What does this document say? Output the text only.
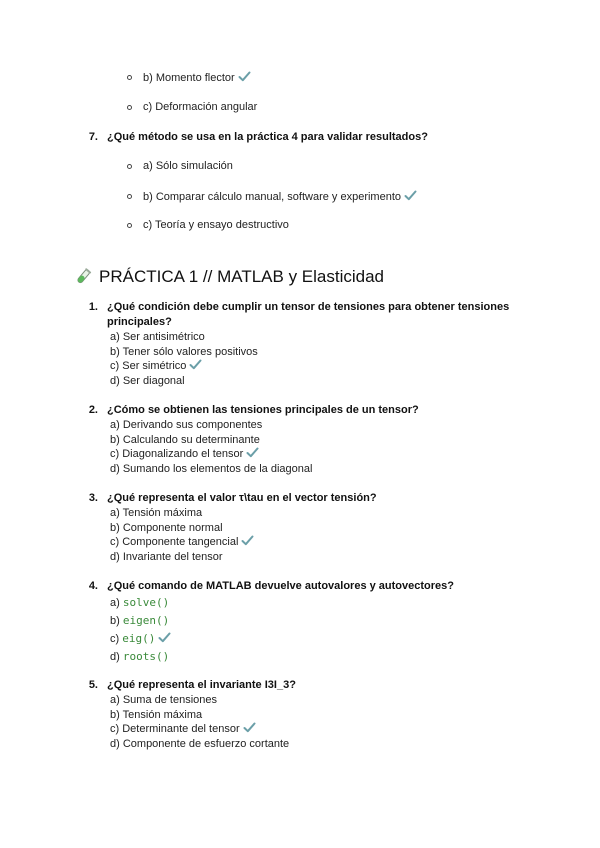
b) Momento flector
c) Deformación angular
7. ¿Qué método se usa en la práctica 4 para validar resultados?
a) Sólo simulación
b) Comparar cálculo manual, software y experimento
c) Teoría y ensayo destructivo
PRÁCTICA 1 // MATLAB y Elasticidad
1. ¿Qué condición debe cumplir un tensor de tensiones para obtener tensiones principales?
a) Ser antisimétrico
b) Tener sólo valores positivos
c) Ser simétrico
d) Ser diagonal
2. ¿Cómo se obtienen las tensiones principales de un tensor?
a) Derivando sus componentes
b) Calculando su determinante
c) Diagonalizando el tensor
d) Sumando los elementos de la diagonal
3. ¿Qué representa el valor τ\tau en el vector tensión?
a) Tensión máxima
b) Componente normal
c) Componente tangencial
d) Invariante del tensor
4. ¿Qué comando de MATLAB devuelve autovalores y autovectores?
a) solve()
b) eigen()
c) eig()
d) roots()
5. ¿Qué representa el invariante I3I_3?
a) Suma de tensiones
b) Tensión máxima
c) Determinante del tensor
d) Componente de esfuerzo cortante
